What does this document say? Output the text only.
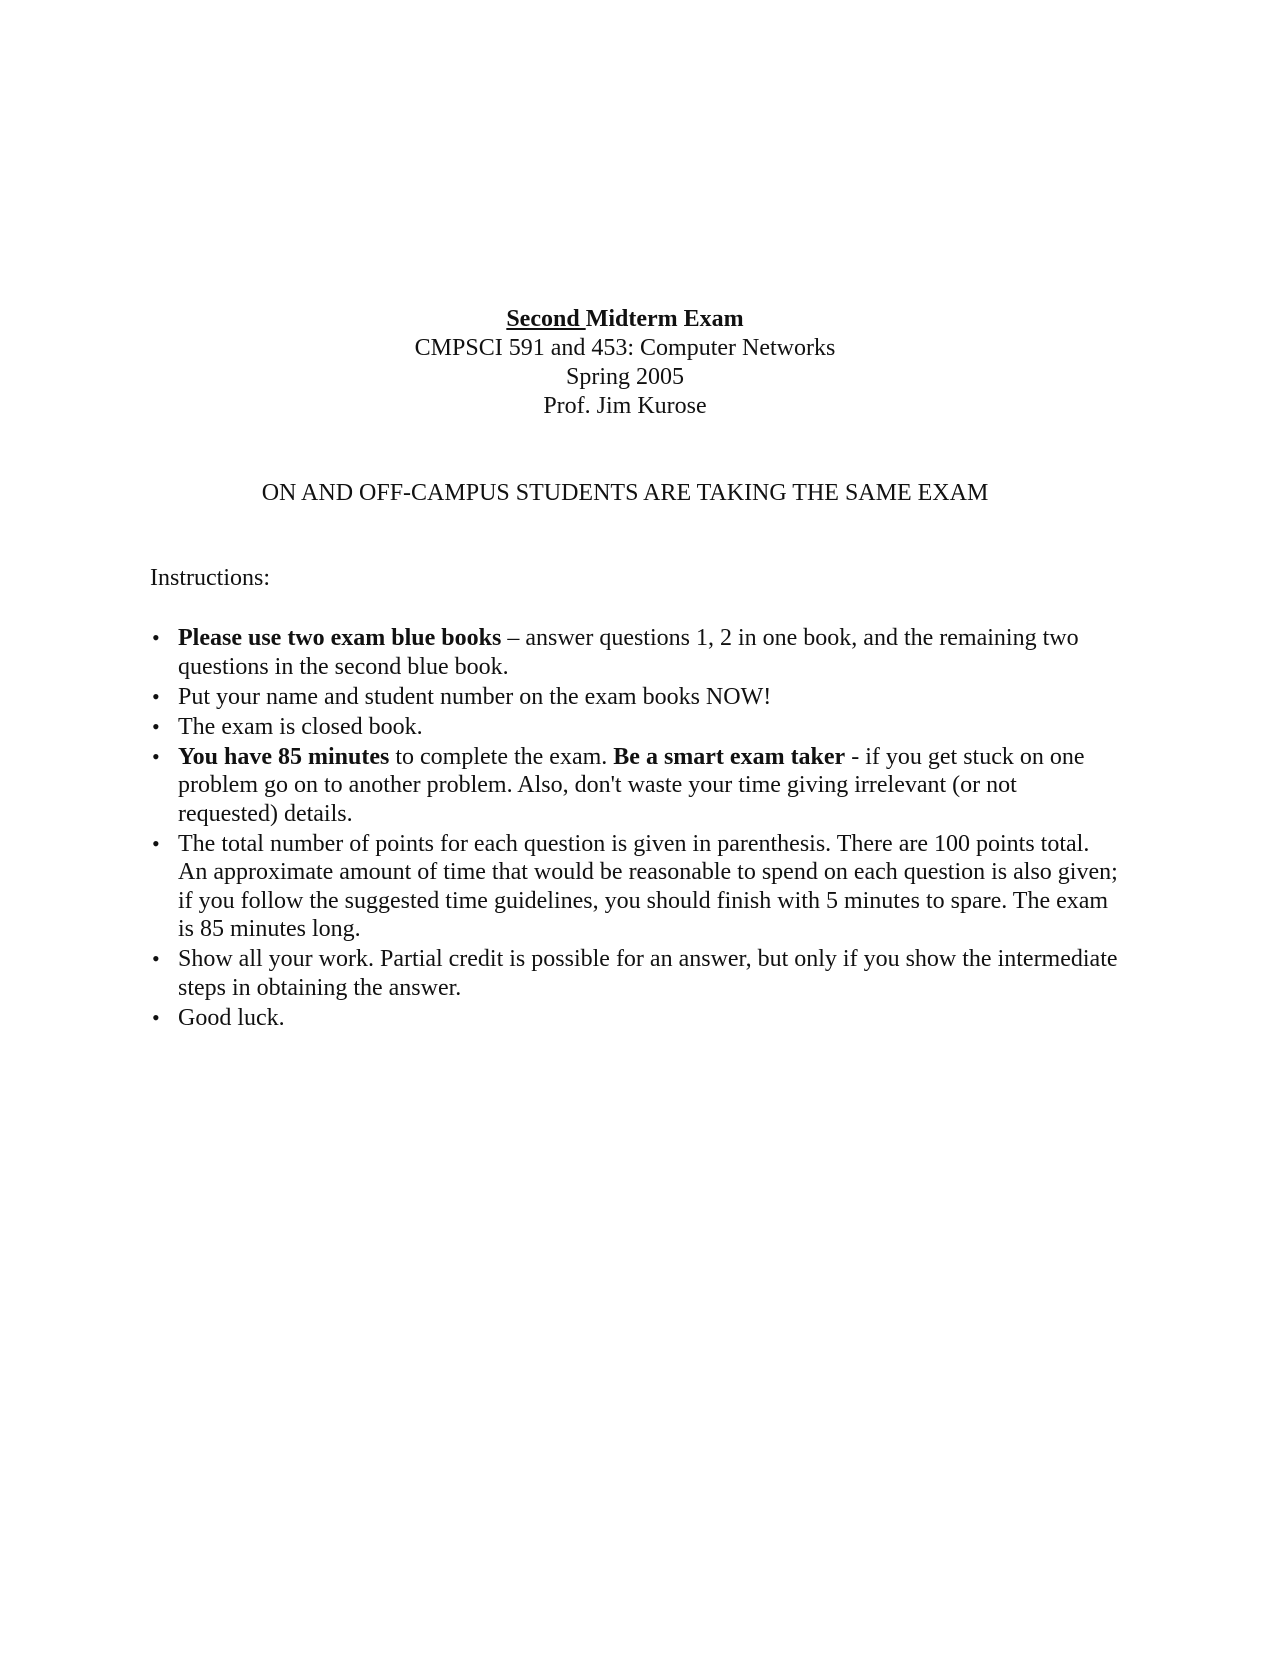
Second Midterm Exam
CMPSCI 591 and 453: Computer Networks
Spring 2005
Prof. Jim Kurose
ON AND OFF-CAMPUS STUDENTS ARE TAKING THE SAME EXAM
Instructions:
• Please use two exam blue books – answer questions 1, 2 in one book, and the remaining two questions in the second blue book.
• Put your name and student number on the exam books NOW!
• The exam is closed book.
• You have 85 minutes to complete the exam. Be a smart exam taker - if you get stuck on one problem go on to another problem. Also, don't waste your time giving irrelevant (or not requested) details.
• The total number of points for each question is given in parenthesis. There are 100 points total. An approximate amount of time that would be reasonable to spend on each question is also given; if you follow the suggested time guidelines, you should finish with 5 minutes to spare. The exam is 85 minutes long.
• Show all your work. Partial credit is possible for an answer, but only if you show the intermediate steps in obtaining the answer.
• Good luck.
